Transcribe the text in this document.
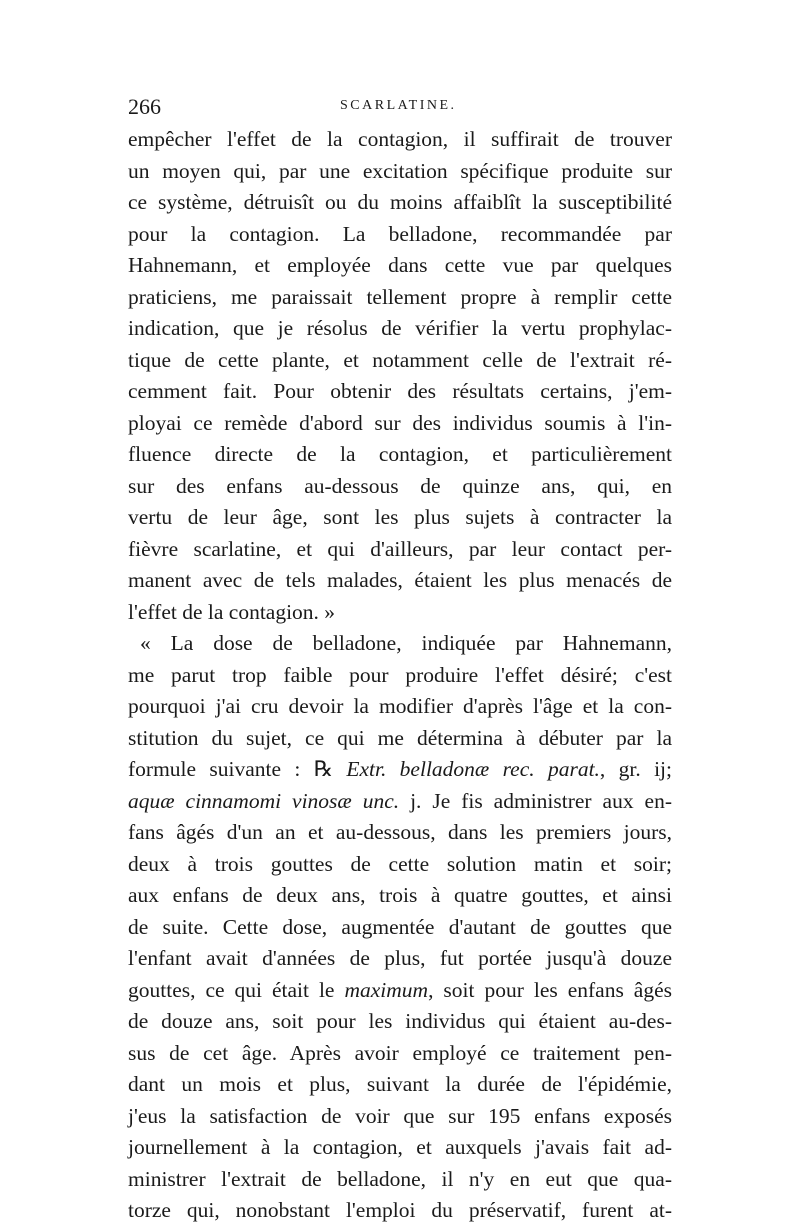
266	SCARLATINE.
empêcher l'effet de la contagion, il suffirait de trouver
un moyen qui, par une excitation spécifique produite sur
ce système, détruisît ou du moins affaiblît la susceptibilité
pour la contagion. La belladone, recommandée par
Hahnemann, et employée dans cette vue par quelques
praticiens, me paraissait tellement propre à remplir cette
indication, que je résolus de vérifier la vertu prophylac-
tique de cette plante, et notamment celle de l'extrait ré-
cemment fait. Pour obtenir des résultats certains, j'em-
ployai ce remède d'abord sur des individus soumis à l'in-
fluence directe de la contagion, et particulièrement
sur des enfans au-dessous de quinze ans, qui, en
vertu de leur âge, sont les plus sujets à contracter la
fièvre scarlatine, et qui d'ailleurs, par leur contact per-
manent avec de tels malades, étaient les plus menacés de
l'effet de la contagion. »
« La dose de belladone, indiquée par Hahnemann,
me parut trop faible pour produire l'effet désiré; c'est
pourquoi j'ai cru devoir la modifier d'après l'âge et la con-
stitution du sujet, ce qui me détermina à débuter par la
formule suivante : ℞ Extr. belladonæ rec. parat., gr. ij;
aquæ cinnamomi vinosæ unc. j. Je fis administrer aux en-
fans âgés d'un an et au-dessous, dans les premiers jours,
deux à trois gouttes de cette solution matin et soir;
aux enfans de deux ans, trois à quatre gouttes, et ainsi
de suite. Cette dose, augmentée d'autant de gouttes que
l'enfant avait d'années de plus, fut portée jusqu'à douze
gouttes, ce qui était le maximum, soit pour les enfans âgés
de douze ans, soit pour les individus qui étaient au-des-
sus de cet âge. Après avoir employé ce traitement pen-
dant un mois et plus, suivant la durée de l'épidémie,
j'eus la satisfaction de voir que sur 195 enfans exposés
journellement à la contagion, et auxquels j'avais fait ad-
ministrer l'extrait de belladone, il n'y en eut que qua-
torze qui, nonobstant l'emploi du préservatif, furent at-
